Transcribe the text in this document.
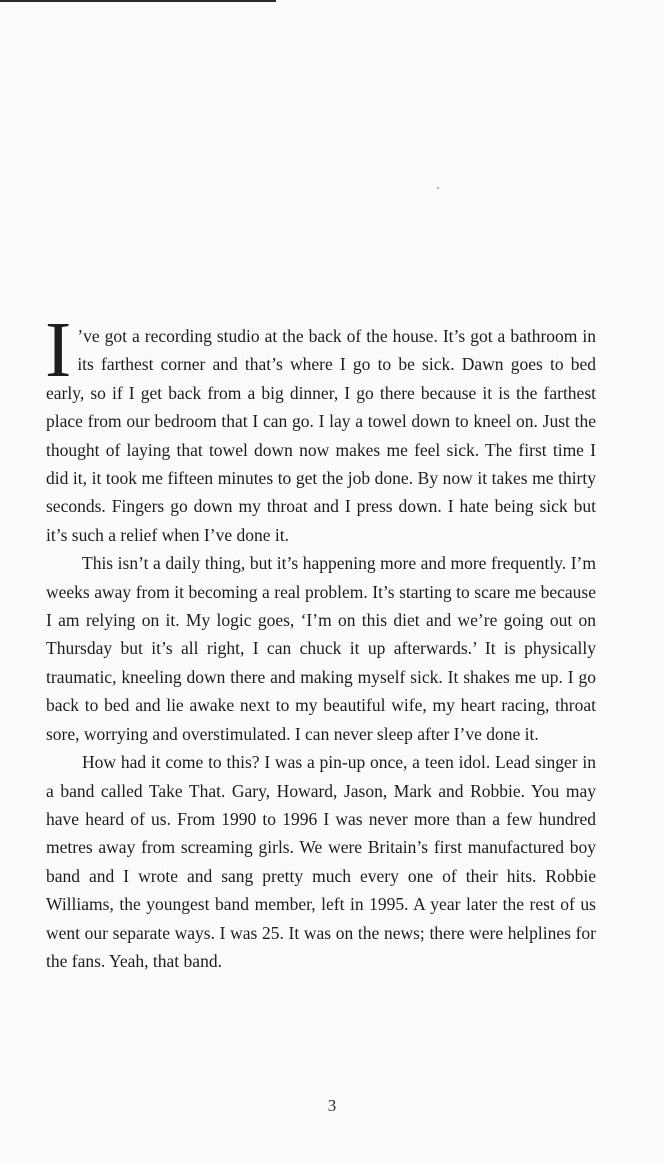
I ’ve got a recording studio at the back of the house. It’s got a bathroom in its farthest corner and that’s where I go to be sick. Dawn goes to bed early, so if I get back from a big dinner, I go there because it is the farthest place from our bedroom that I can go. I lay a towel down to kneel on. Just the thought of laying that towel down now makes me feel sick. The first time I did it, it took me fifteen minutes to get the job done. By now it takes me thirty seconds. Fingers go down my throat and I press down. I hate being sick but it’s such a relief when I’ve done it.

This isn’t a daily thing, but it’s happening more and more frequently. I’m weeks away from it becoming a real problem. It’s starting to scare me because I am relying on it. My logic goes, ‘I’m on this diet and we’re going out on Thursday but it’s all right, I can chuck it up afterwards.’ It is physically traumatic, kneeling down there and making myself sick. It shakes me up. I go back to bed and lie awake next to my beautiful wife, my heart racing, throat sore, worrying and overstimulated. I can never sleep after I’ve done it.

How had it come to this? I was a pin-up once, a teen idol. Lead singer in a band called Take That. Gary, Howard, Jason, Mark and Robbie. You may have heard of us. From 1990 to 1996 I was never more than a few hundred metres away from screaming girls. We were Britain’s first manufactured boy band and I wrote and sang pretty much every one of their hits. Robbie Williams, the youngest band member, left in 1995. A year later the rest of us went our separate ways. I was 25. It was on the news; there were helplines for the fans. Yeah, that band.

3
